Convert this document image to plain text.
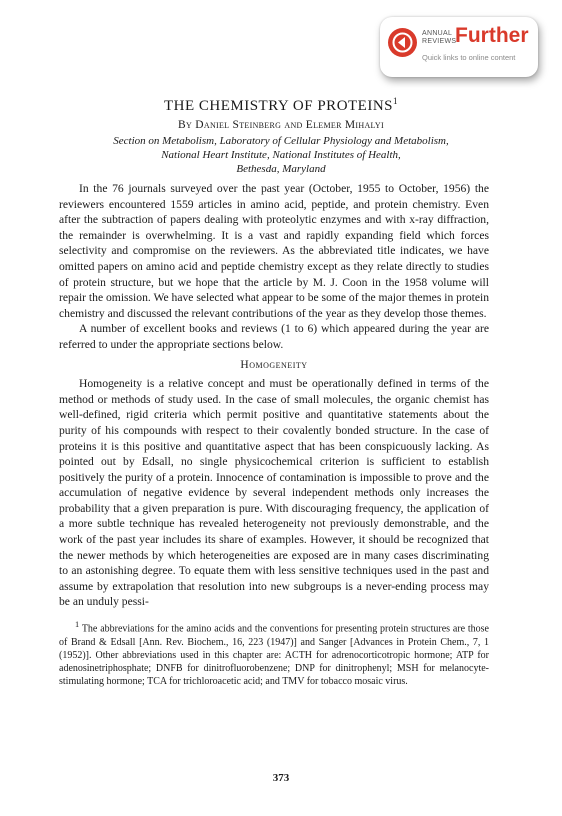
ANNUAL
REVIEWS
Further
Quick links to online content
THE CHEMISTRY OF PROTEINS$^1$
By Daniel Steinberg and Elemer Mihalyi
Section on Metabolism, Laboratory of Cellular Physiology and Metabolism,
National Heart Institute, National Institutes of Health,
Bethesda, Maryland

In the 76 journals surveyed over the past year (October, 1955 to October, 1956) the reviewers encountered 1559 articles in amino acid, peptide, and protein chemistry. Even after the subtraction of papers dealing with proteolytic enzymes and with x-ray diffraction, the remainder is overwhelming. It is a vast and rapidly expanding field which forces selectivity and compromise on the reviewers. As the abbreviated title indicates, we have omitted papers on amino acid and peptide chemistry except as they relate directly to studies of protein structure, but we hope that the article by M. J. Coon in the 1958 volume will repair the omission. We have selected what appear to be some of the major themes in protein chemistry and discussed the relevant contributions of the year as they develop those themes.

A number of excellent books and reviews (1 to 6) which appeared during the year are referred to under the appropriate sections below.

Homogeneity

Homogeneity is a relative concept and must be operationally defined in terms of the method or methods of study used. In the case of small molecules, the organic chemist has well-defined, rigid criteria which permit positive and quantitative statements about the purity of his compounds with respect to their covalently bonded structure. In the case of proteins it is this positive and quantitative aspect that has been conspicuously lacking. As pointed out by Edsall, no single physicochemical criterion is sufficient to establish positively the purity of a protein. Innocence of contamination is impossible to prove and the accumulation of negative evidence by several independent methods only increases the probability that a given preparation is pure. With discouraging frequency, the application of a more subtle technique has revealed heterogeneity not previously demonstrable, and the work of the past year includes its share of examples. However, it should be recognized that the newer methods by which heterogeneities are exposed are in many cases discriminating to an astonishing degree. To equate them with less sensitive techniques used in the past and assume by extrapolation that resolution into new subgroups is a never-ending process may be an unduly pessi-

$^1$ The abbreviations for the amino acids and the conventions for presenting protein structures are those of Brand & Edsall [Ann. Rev. Biochem., 16, 223 (1947)] and Sanger [Advances in Protein Chem., 7, 1 (1952)]. Other abbreviations used in this chapter are: ACTH for adrenocorticotropic hormone; ATP for adenosinetriphosphate; DNFB for dinitrofluorobenzene; DNP for dinitrophenyl; MSH for melanocyte-stimulating hormone; TCA for trichloroacetic acid; and TMV for tobacco mosaic virus.
373
